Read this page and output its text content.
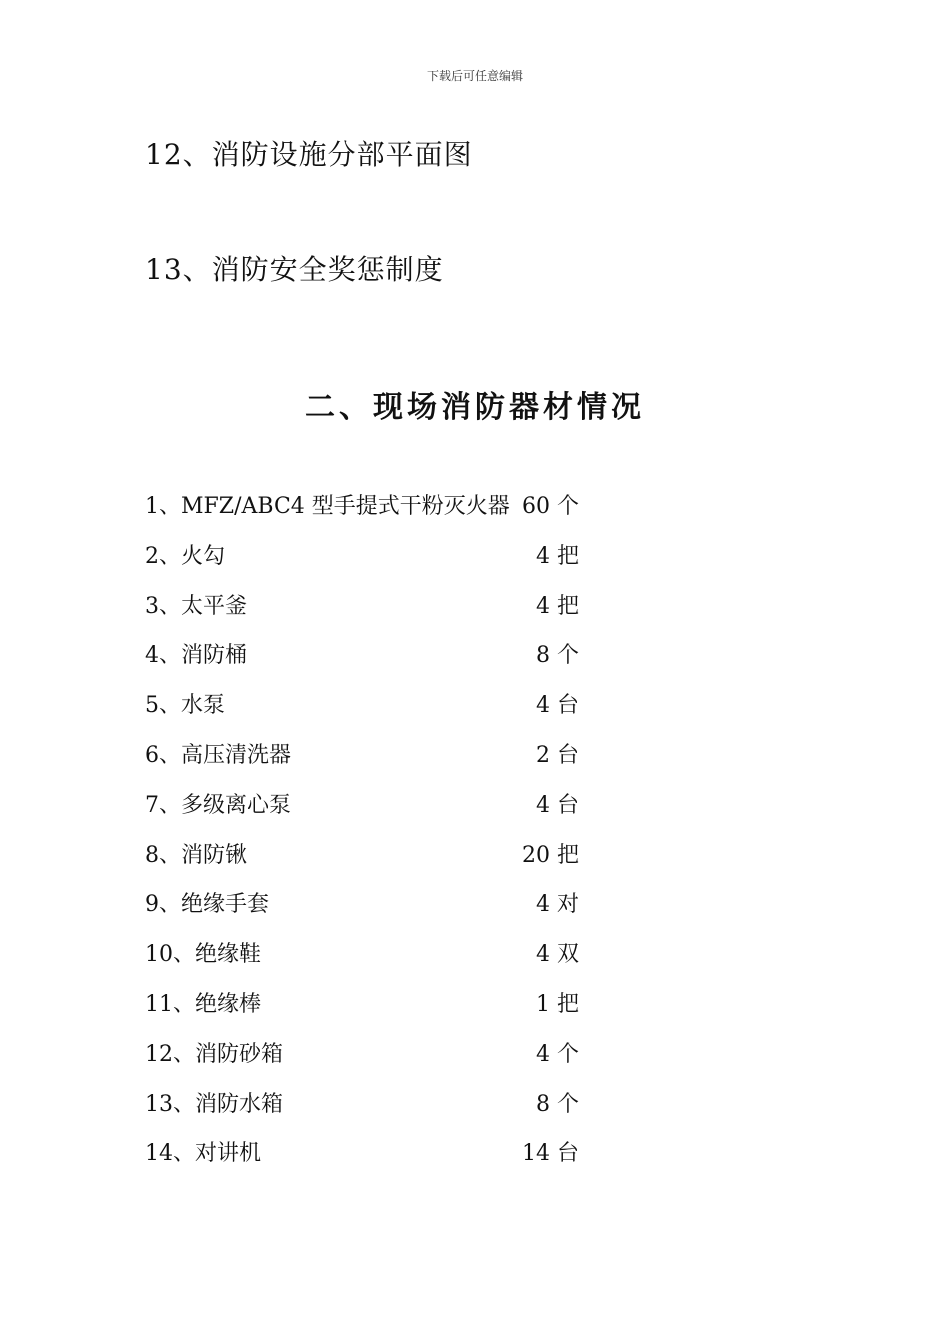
下载后可任意编辑
12、消防设施分部平面图
13、消防安全奖惩制度
二、现场消防器材情况
1、MFZ/ABC4 型手提式干粉灭火器 60 个
2、火勾	4 把
3、太平釜	4 把
4、消防桶	8 个
5、水泵	4 台
6、高压清洗器	2 台
7、多级离心泵	4 台
8、消防锹	20 把
9、绝缘手套	4 对
10、绝缘鞋	4 双
11、绝缘棒	1 把
12、消防砂箱	4 个
13、消防水箱	8 个
14、对讲机	14 台
